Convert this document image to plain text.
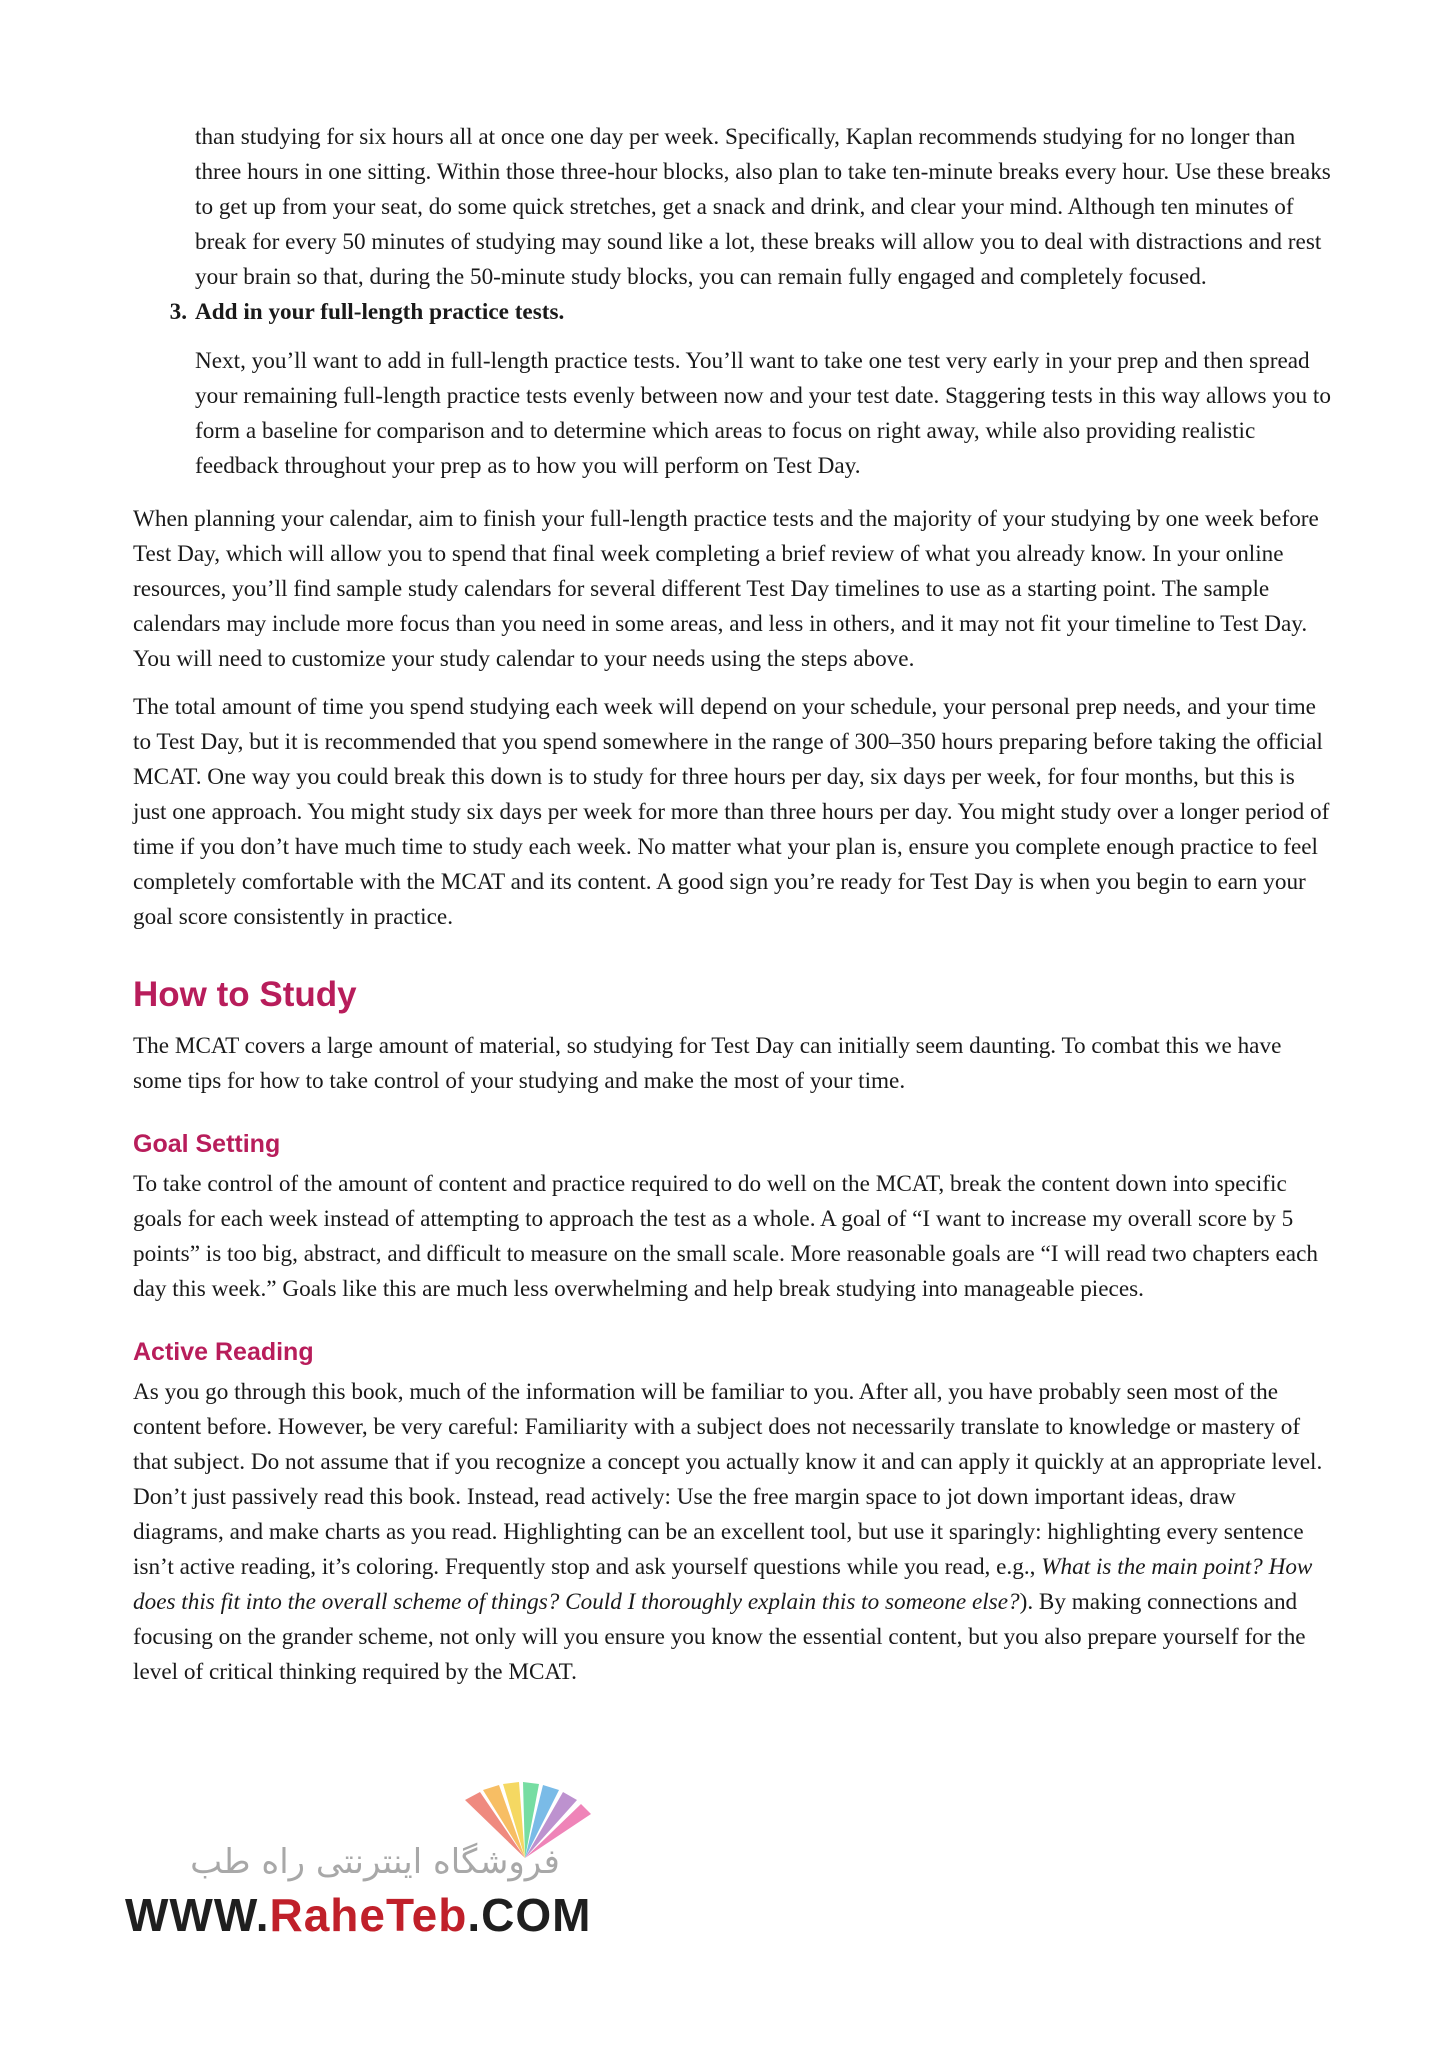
than studying for six hours all at once one day per week. Specifically, Kaplan recommends studying for no longer than three hours in one sitting. Within those three-hour blocks, also plan to take ten-minute breaks every hour. Use these breaks to get up from your seat, do some quick stretches, get a snack and drink, and clear your mind. Although ten minutes of break for every 50 minutes of studying may sound like a lot, these breaks will allow you to deal with distractions and rest your brain so that, during the 50-minute study blocks, you can remain fully engaged and completely focused.

3. Add in your full-length practice tests.

Next, you’ll want to add in full-length practice tests. You’ll want to take one test very early in your prep and then spread your remaining full-length practice tests evenly between now and your test date. Staggering tests in this way allows you to form a baseline for comparison and to determine which areas to focus on right away, while also providing realistic feedback throughout your prep as to how you will perform on Test Day.

When planning your calendar, aim to finish your full-length practice tests and the majority of your studying by one week before Test Day, which will allow you to spend that final week completing a brief review of what you already know. In your online resources, you’ll find sample study calendars for several different Test Day timelines to use as a starting point. The sample calendars may include more focus than you need in some areas, and less in others, and it may not fit your timeline to Test Day. You will need to customize your study calendar to your needs using the steps above.

The total amount of time you spend studying each week will depend on your schedule, your personal prep needs, and your time to Test Day, but it is recommended that you spend somewhere in the range of 300–350 hours preparing before taking the official MCAT. One way you could break this down is to study for three hours per day, six days per week, for four months, but this is just one approach. You might study six days per week for more than three hours per day. You might study over a longer period of time if you don’t have much time to study each week. No matter what your plan is, ensure you complete enough practice to feel completely comfortable with the MCAT and its content. A good sign you’re ready for Test Day is when you begin to earn your goal score consistently in practice.

How to Study

The MCAT covers a large amount of material, so studying for Test Day can initially seem daunting. To combat this we have some tips for how to take control of your studying and make the most of your time.

Goal Setting

To take control of the amount of content and practice required to do well on the MCAT, break the content down into specific goals for each week instead of attempting to approach the test as a whole. A goal of “I want to increase my overall score by 5 points” is too big, abstract, and difficult to measure on the small scale. More reasonable goals are “I will read two chapters each day this week.” Goals like this are much less overwhelming and help break studying into manageable pieces.

Active Reading

As you go through this book, much of the information will be familiar to you. After all, you have probably seen most of the content before. However, be very careful: Familiarity with a subject does not necessarily translate to knowledge or mastery of that subject. Do not assume that if you recognize a concept you actually know it and can apply it quickly at an appropriate level. Don’t just passively read this book. Instead, read actively: Use the free margin space to jot down important ideas, draw diagrams, and make charts as you read. Highlighting can be an excellent tool, but use it sparingly: highlighting every sentence isn’t active reading, it’s coloring. Frequently stop and ask yourself questions while you read, e.g., What is the main point? How does this fit into the overall scheme of things? Could I thoroughly explain this to someone else?). By making connections and focusing on the grander scheme, not only will you ensure you know the essential content, but you also prepare yourself for the level of critical thinking required by the MCAT.

فروشگاه اینترنتی راه طب
WWW.RaheTeb.COM
